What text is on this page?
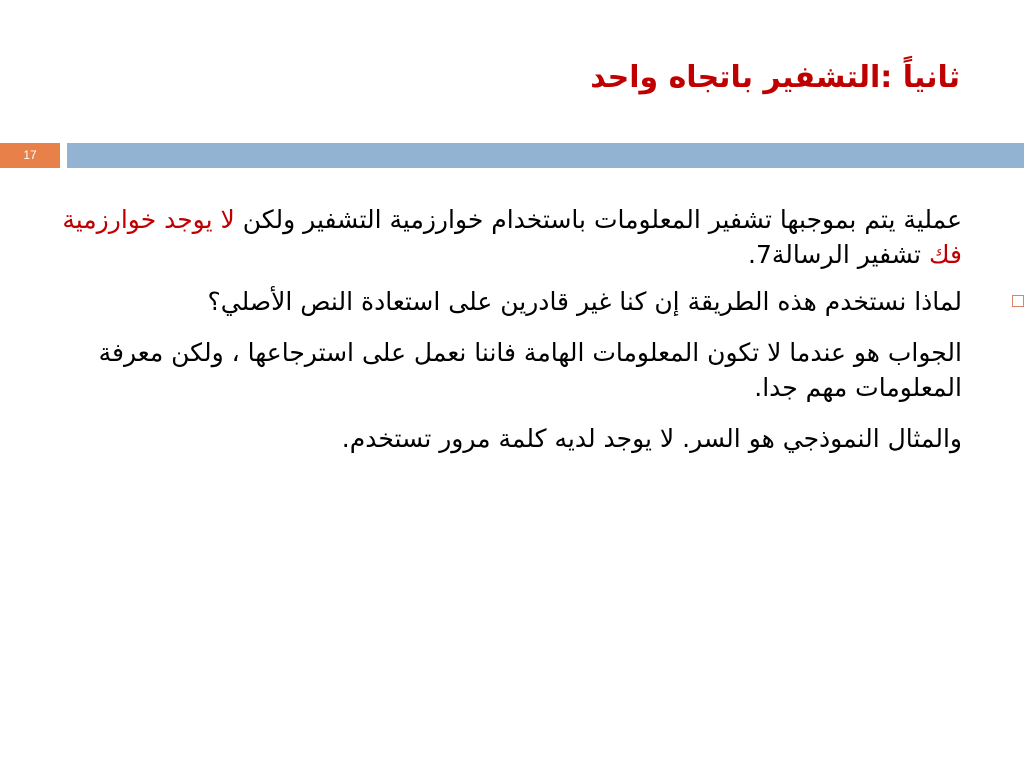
ثانياً :التشفير باتجاه واحد
17

عملية يتم بموجبها تشفير المعلومات باستخدام خوارزمية التشفير ولكن لا يوجد خوارزمية فك تشفير الرسالة7.

لماذا نستخدم هذه الطريقة إن كنا غير قادرين على استعادة النص الأصلي؟

الجواب هو عندما لا تكون المعلومات الهامة فاننا نعمل على استرجاعها ، ولكن معرفة المعلومات مهم جدا.

والمثال النموذجي هو السر. لا يوجد لديه كلمة مرور تستخدم.
